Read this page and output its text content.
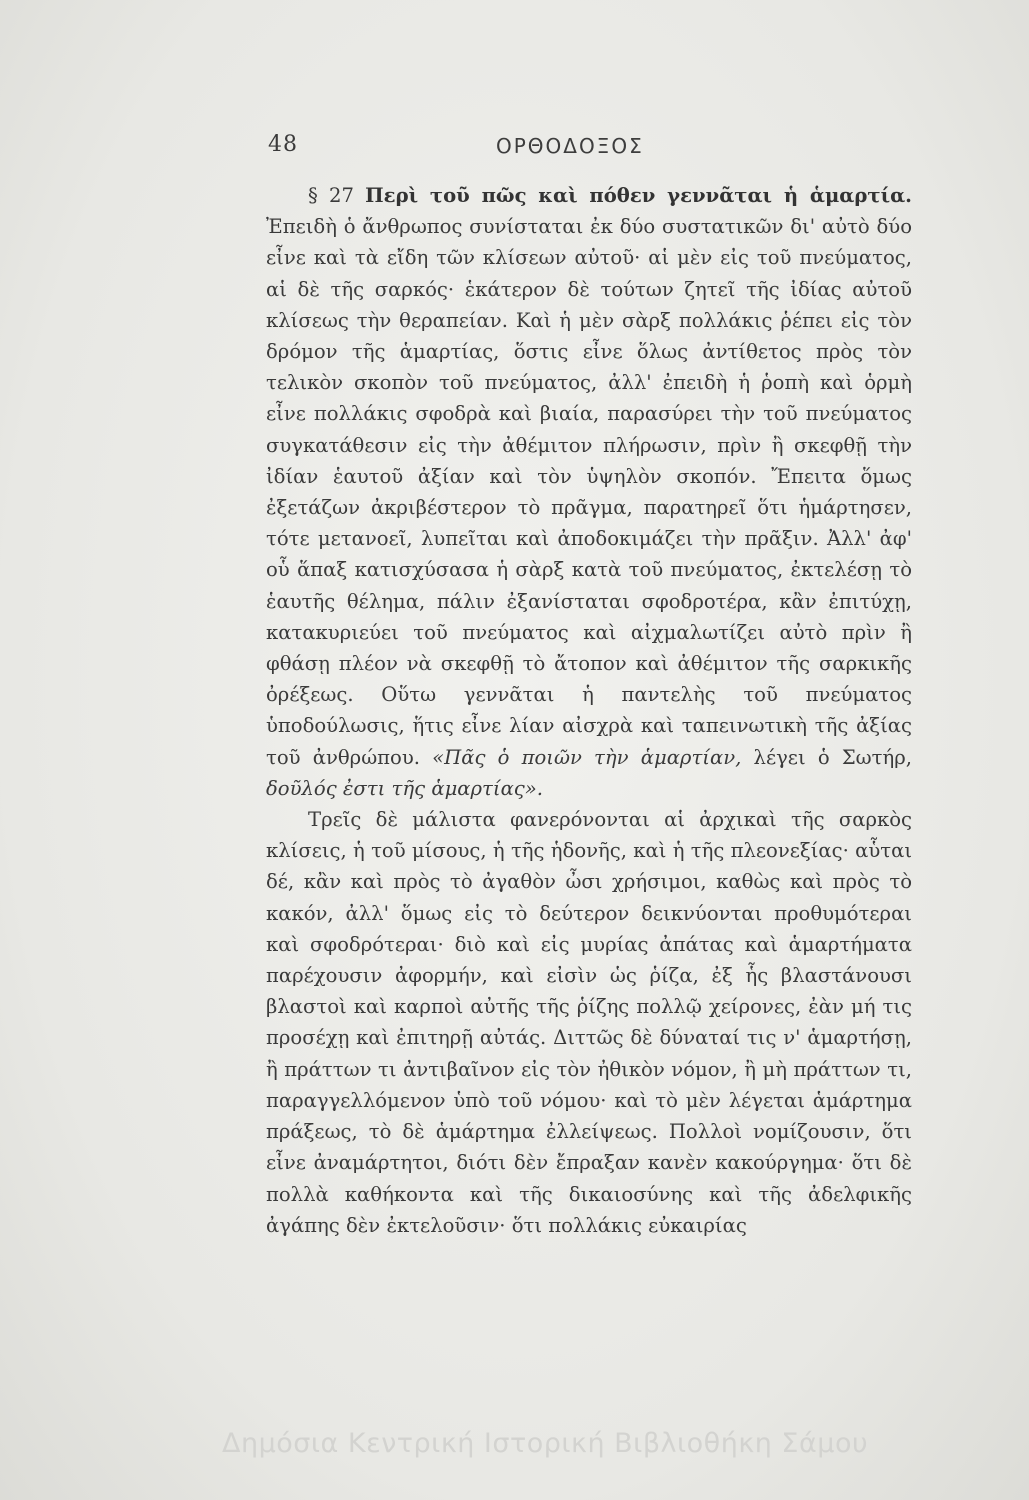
48	ΟΡΘΟΔΟΞΟΣ

§ 27 Περὶ τοῦ πῶς καὶ πόθεν γεννᾶται ἡ ἁμαρτία. Ἐπειδὴ ὁ ἄνθρωπος συνίσταται ἐκ δύο συστατικῶν δι' αὐτὸ δύο εἶνε καὶ τὰ εἴδη τῶν κλίσεων αὐτοῦ· αἱ μὲν εἰς τοῦ πνεύματος, αἱ δὲ τῆς σαρκός· ἑκάτερον δὲ τούτων ζητεῖ τῆς ἰδίας αὐτοῦ κλίσεως τὴν θεραπείαν. Καὶ ἡ μὲν σὰρξ πολλάκις ῥέπει εἰς τὸν δρόμον τῆς ἁμαρτίας, ὅστις εἶνε ὅλως ἀντίθετος πρὸς τὸν τελικὸν σκοπὸν τοῦ πνεύματος, ἀλλ' ἐπειδὴ ἡ ῥοπὴ καὶ ὁρμὴ εἶνε πολλάκις σφοδρὰ καὶ βιαία, παρασύρει τὴν τοῦ πνεύματος συγκατάθεσιν εἰς τὴν ἀθέμιτον πλήρωσιν, πρὶν ἢ σκεφθῇ τὴν ἰδίαν ἑαυτοῦ ἀξίαν καὶ τὸν ὑψηλὸν σκοπόν. Ἔπειτα ὅμως ἐξετάζων ἀκριβέστερον τὸ πρᾶγμα, παρατηρεῖ ὅτι ἡμάρτησεν, τότε μετανοεῖ, λυπεῖται καὶ ἀποδοκιμάζει τὴν πρᾶξιν. Ἀλλ' ἀφ' οὗ ἅπαξ κατισχύσασα ἡ σὰρξ κατὰ τοῦ πνεύματος, ἐκτελέσῃ τὸ ἑαυτῆς θέλημα, πάλιν ἐξανίσταται σφοδροτέρα, κἂν ἐπιτύχῃ, κατακυριεύει τοῦ πνεύματος καὶ αἰχμαλωτίζει αὐτὸ πρὶν ἢ φθάσῃ πλέον νὰ σκεφθῇ τὸ ἄτοπον καὶ ἀθέμιτον τῆς σαρκικῆς ὀρέξεως. Οὕτω γεννᾶται ἡ παντελὴς τοῦ πνεύματος ὑποδούλωσις, ἥτις εἶνε λίαν αἰσχρὰ καὶ ταπεινωτικὴ τῆς ἀξίας τοῦ ἀνθρώπου. «Πᾶς ὁ ποιῶν τὴν ἁμαρτίαν, λέγει ὁ Σωτήρ, δοῦλός ἐστι τῆς ἁμαρτίας».

Τρεῖς δὲ μάλιστα φανερόνονται αἱ ἀρχικαὶ τῆς σαρκὸς κλίσεις, ἡ τοῦ μίσους, ἡ τῆς ἡδονῆς, καὶ ἡ τῆς πλεονεξίας· αὗται δέ, κἂν καὶ πρὸς τὸ ἀγαθὸν ὦσι χρήσιμοι, καθὼς καὶ πρὸς τὸ κακόν, ἀλλ' ὅμως εἰς τὸ δεύτερον δεικνύονται προθυμότεραι καὶ σφοδρότεραι· διὸ καὶ εἰς μυρίας ἀπάτας καὶ ἁμαρτήματα παρέχουσιν ἀφορμήν, καὶ εἰσὶν ὡς ῥίζα, ἐξ ἧς βλαστάνουσι βλαστοὶ καὶ καρποὶ αὐτῆς τῆς ῥίζης πολλῷ χείρονες, ἐὰν μή τις προσέχῃ καὶ ἐπιτηρῇ αὐτάς. Διττῶς δὲ δύναταί τις ν' ἁμαρτήσῃ, ἢ πράττων τι ἀντιβαῖνον εἰς τὸν ἠθικὸν νόμον, ἢ μὴ πράττων τι, παραγγελλόμενον ὑπὸ τοῦ νόμου· καὶ τὸ μὲν λέγεται ἁμάρτημα πράξεως, τὸ δὲ ἁμάρτημα ἐλλείψεως. Πολλοὶ νομίζουσιν, ὅτι εἶνε ἀναμάρτητοι, διότι δὲν ἔπραξαν κανὲν κακούργημα· ὅτι δὲ πολλὰ καθήκοντα καὶ τῆς δικαιοσύνης καὶ τῆς ἀδελφικῆς ἀγάπης δὲν ἐκτελοῦσιν· ὅτι πολλάκις εὐκαιρίας

Δημόσια Κεντρική Ιστορική Βιβλιοθήκη Σάμου
